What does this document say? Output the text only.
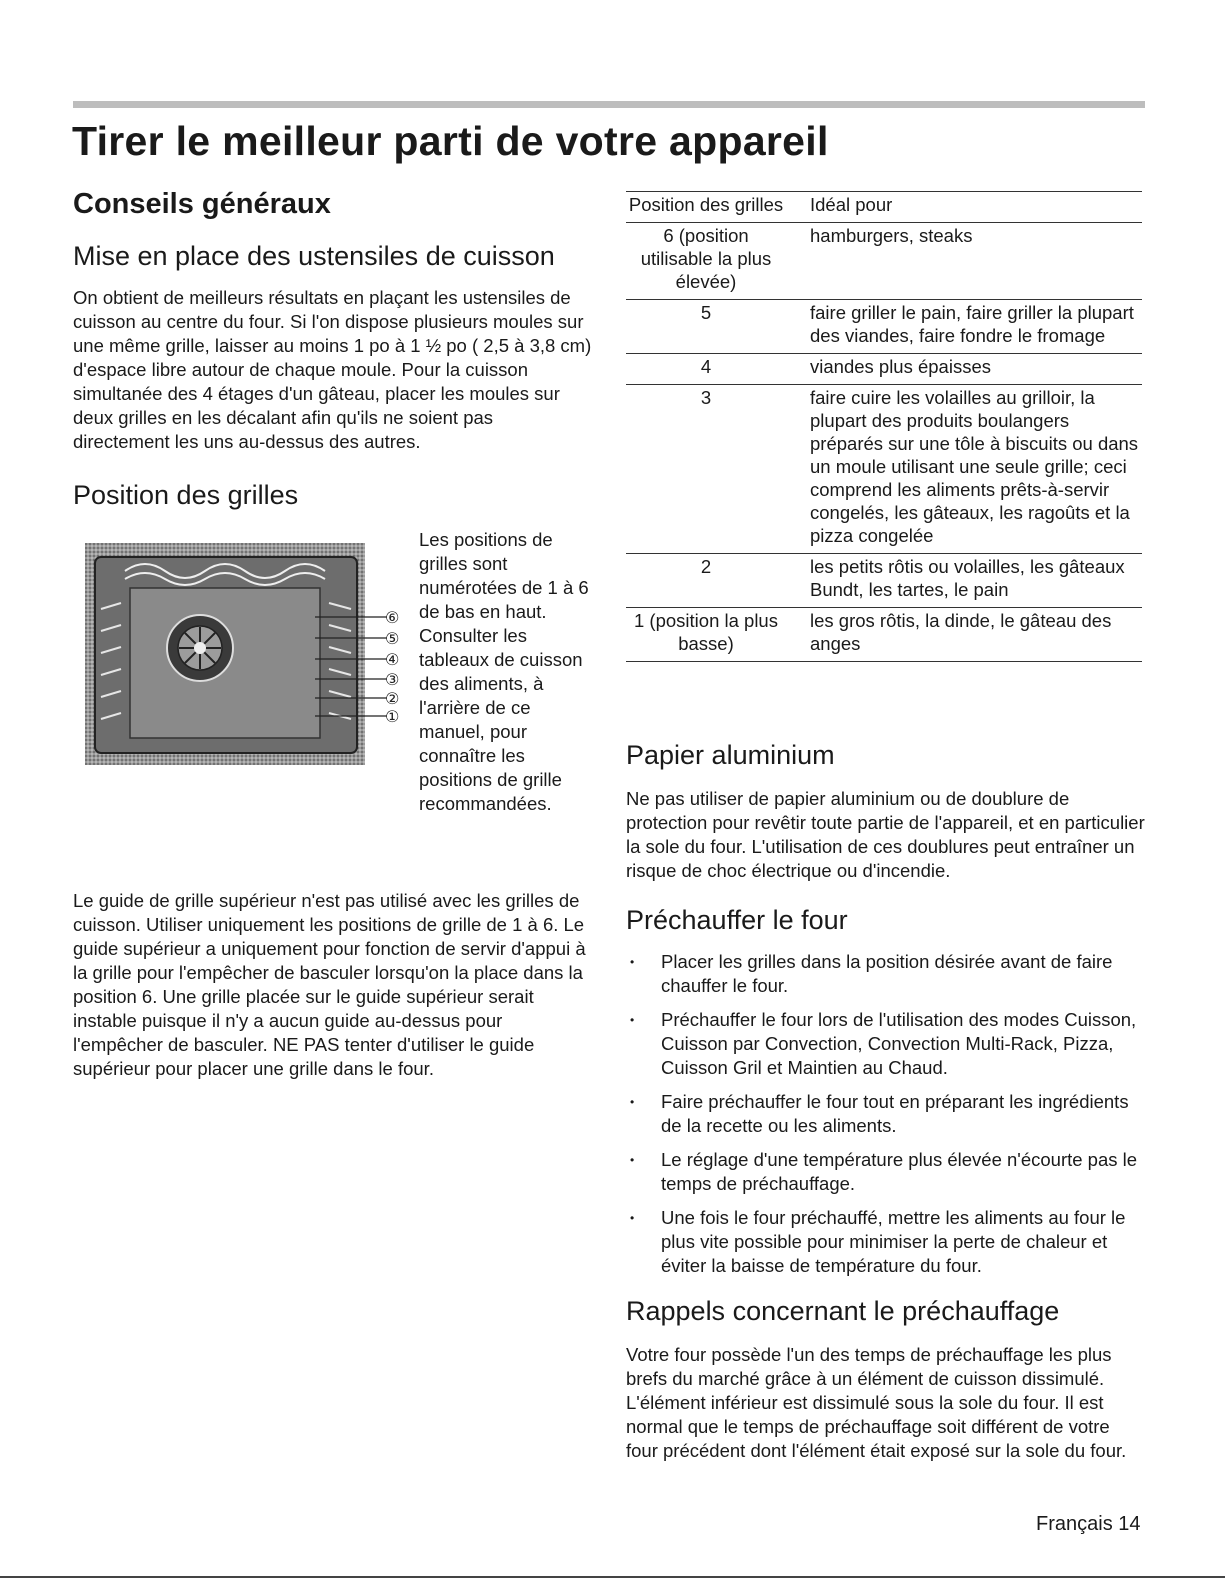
Tirer le meilleur parti de votre appareil
Conseils généraux
Mise en place des ustensiles de cuisson

On obtient de meilleurs résultats en plaçant les ustensiles de cuisson au centre du four. Si l'on dispose plusieurs moules sur une même grille, laisser au moins 1 po à 1 ½ po ( 2,5 à 3,8 cm) d'espace libre autour de chaque moule. Pour la cuisson simultanée des 4 étages d'un gâteau, placer les moules sur deux grilles en les décalant afin qu'ils ne soient pas directement les uns au-dessus des autres.

Position des grilles
⑥
⑤
④
③
②
①
Les positions de grilles sont numérotées de 1 à 6 de bas en haut.
Consulter les tableaux de cuisson des aliments, à l'arrière de ce manuel, pour connaître les positions de grille recommandées.

Le guide de grille supérieur n'est pas utilisé avec les grilles de cuisson. Utiliser uniquement les positions de grille de 1 à 6. Le guide supérieur a uniquement pour fonction de servir d'appui à la grille pour l'empêcher de basculer lorsqu'on la place dans la position 6. Une grille placée sur le guide supérieur serait instable puisque il n'y a aucun guide au-dessus pour l'empêcher de basculer. NE PAS tenter d'utiliser le guide supérieur pour placer une grille dans le four.

Position des grilles	Idéal pour
6 (position utilisable la plus élevée)	hamburgers, steaks
5	faire griller le pain, faire griller la plupart des viandes, faire fondre le fromage
4	viandes plus épaisses
3	faire cuire les volailles au grilloir, la plupart des produits boulangers préparés sur une tôle à biscuits ou dans un moule utilisant une seule grille; ceci comprend les aliments prêts-à-servir congelés, les gâteaux, les ragoûts et la pizza congelée
2	les petits rôtis ou volailles, les gâteaux Bundt, les tartes, le pain
1 (position la plus basse)	les gros rôtis, la dinde, le gâteau des anges
Papier aluminium

Ne pas utiliser de papier aluminium ou de doublure de protection pour revêtir toute partie de l'appareil, et en particulier la sole du four. L'utilisation de ces doublures peut entraîner un risque de choc électrique ou d'incendie.

Préchauffer le four
• Placer les grilles dans la position désirée avant de faire chauffer le four.
• Préchauffer le four lors de l'utilisation des modes Cuisson, Cuisson par Convection, Convection Multi-Rack, Pizza, Cuisson Gril et Maintien au Chaud.
• Faire préchauffer le four tout en préparant les ingrédients de la recette ou les aliments.
• Le réglage d'une température plus élevée n'écourte pas le temps de préchauffage.
• Une fois le four préchauffé, mettre les aliments au four le plus vite possible pour minimiser la perte de chaleur et éviter la baisse de température du four.
Rappels concernant le préchauffage

Votre four possède l'un des temps de préchauffage les plus brefs du marché grâce à un élément de cuisson dissimulé. L'élément inférieur est dissimulé sous la sole du four. Il est normal que le temps de préchauffage soit différent de votre four précédent dont l'élément était exposé sur la sole du four.

Français 14
